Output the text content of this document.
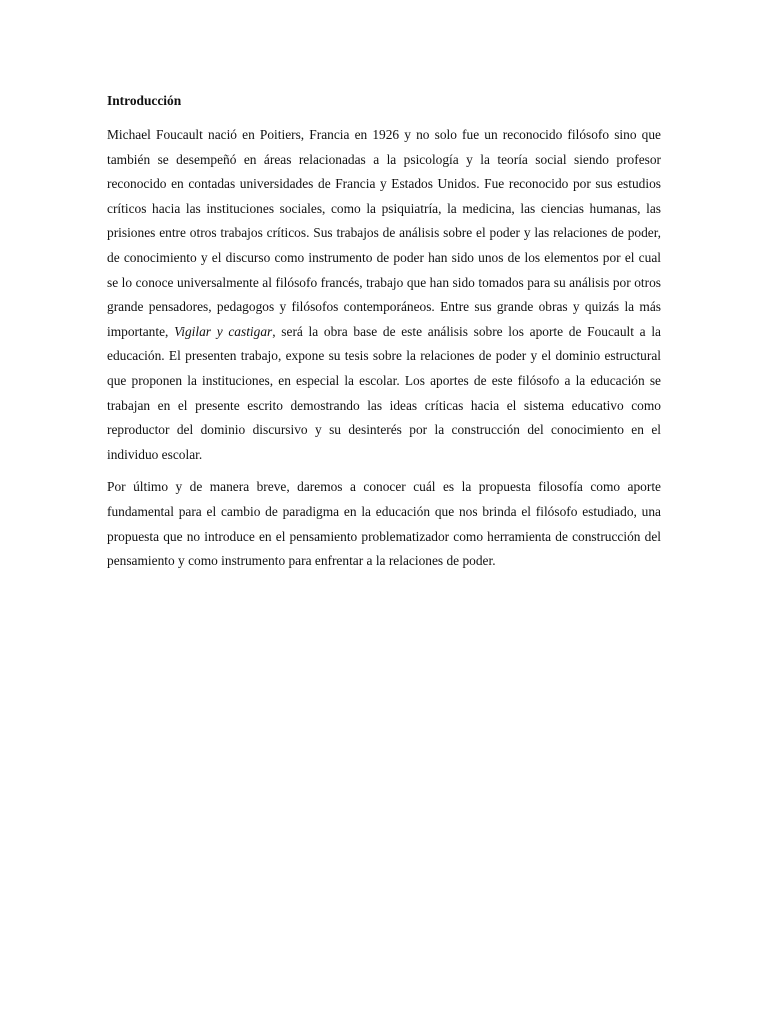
Introducción

Michael Foucault nació en Poitiers, Francia en 1926 y no solo fue un reconocido filósofo sino que también se desempeñó en áreas relacionadas a la psicología y la teoría social siendo profesor reconocido en contadas universidades de Francia y Estados Unidos. Fue reconocido por sus estudios críticos hacia las instituciones sociales, como la psiquiatría, la medicina, las ciencias humanas, las prisiones entre otros trabajos críticos. Sus trabajos de análisis sobre el poder y las relaciones de poder, de conocimiento y el discurso como instrumento de poder han sido unos de los elementos por el cual se lo conoce universalmente al filósofo francés, trabajo que han sido tomados para su análisis por otros grande pensadores, pedagogos y filósofos contemporáneos. Entre sus grande obras y quizás la más importante, Vigilar y castigar, será la obra base de este análisis sobre los aporte de Foucault a la educación. El presenten trabajo, expone su tesis sobre la relaciones de poder y el dominio estructural que proponen la instituciones, en especial la escolar. Los aportes de este filósofo a la educación se trabajan en el presente escrito demostrando las ideas críticas hacia el sistema educativo como reproductor del dominio discursivo y su desinterés por la construcción del conocimiento en el individuo escolar.

Por último y de manera breve, daremos a conocer cuál es la propuesta filosofía como aporte fundamental para el cambio de paradigma en la educación que nos brinda el filósofo estudiado, una propuesta que no introduce en el pensamiento problematizador como herramienta de construcción del pensamiento y como instrumento para enfrentar a la relaciones de poder.
